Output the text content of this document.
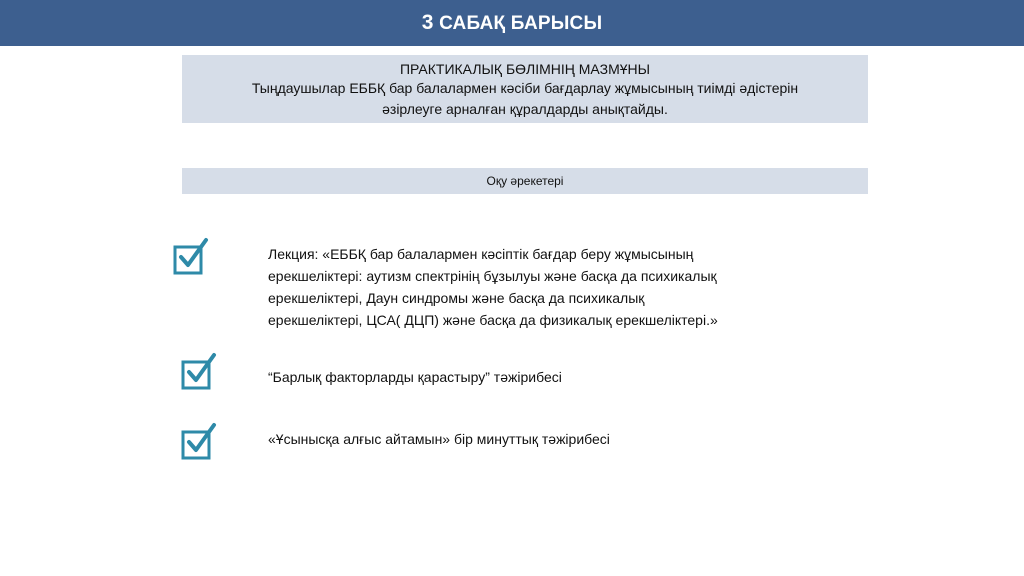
3 САБАҚ БАРЫСЫ
ПРАКТИКАЛЫҚ БӨЛІМНІҢ МАЗМҰНЫ
Тыңдаушылар ЕББҚ бар балалармен кәсіби бағдарлау жұмысының тиімді әдістерін
әзірлеуге арналған құралдарды анықтайды.
Оқу әрекетері
Лекция: «ЕББҚ бар балалармен кәсіптік бағдар беру жұмысының
ерекшеліктері: аутизм спектрінің бұзылуы және басқа да психикалық
ерекшеліктері, Даун синдромы және басқа да психикалық
ерекшеліктері, ЦСА( ДЦП) және басқа да физикалық ерекшеліктері.»
“Барлық факторларды қарастыру” тәжірибесі
«Ұсынысқа алғыс айтамын» бір минуттық тәжірибесі
